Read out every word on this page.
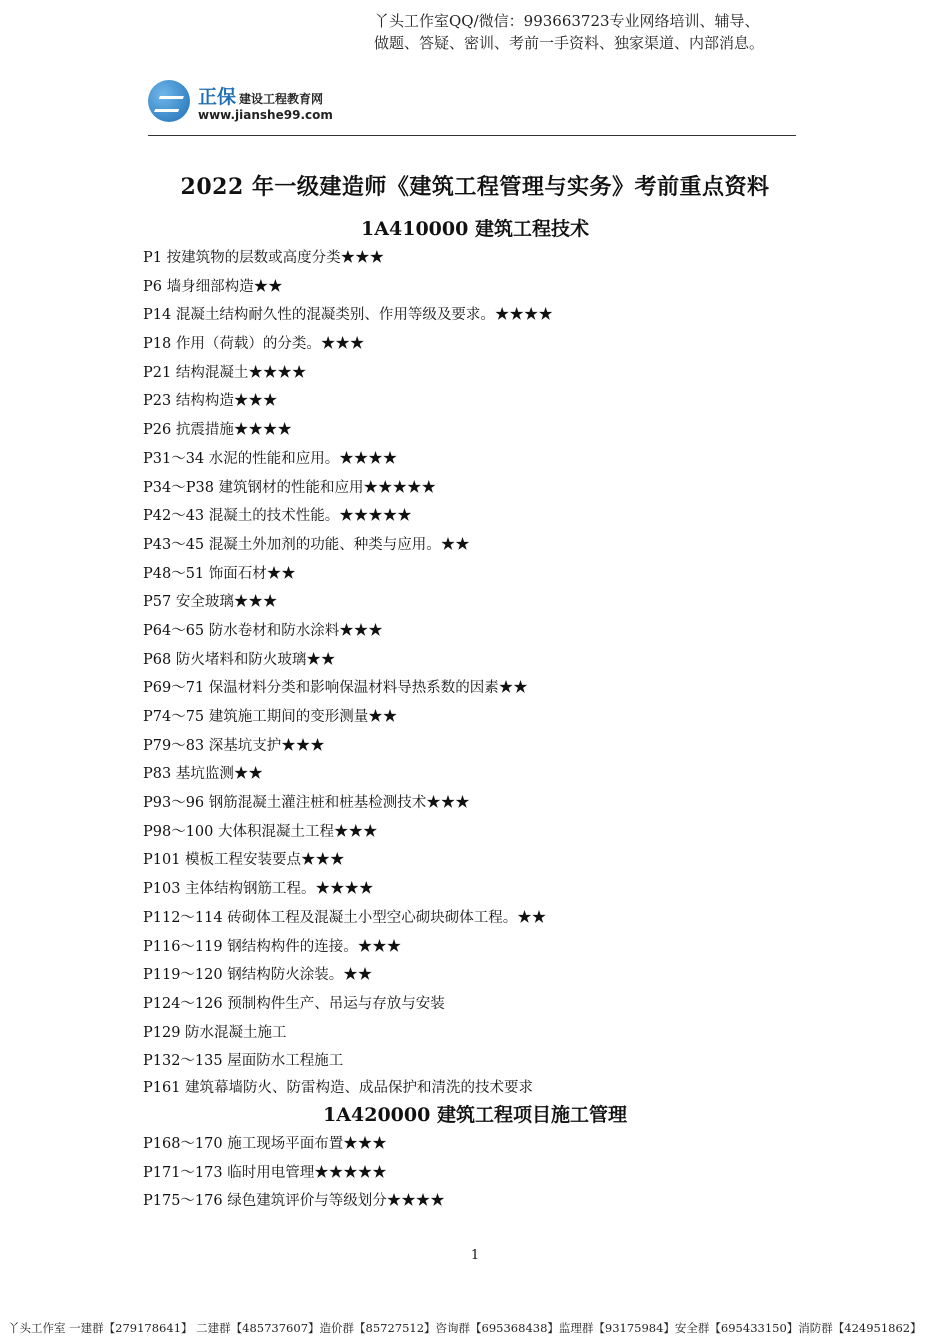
丫头工作室QQ/微信：993663723专业网络培训、辅导、
做题、答疑、密训、考前一手资料、独家渠道、内部消息。
正保 建设工程教育网
www.jianshe99.com
2022 年一级建造师《建筑工程管理与实务》考前重点资料
1A410000 建筑工程技术
P1 按建筑物的层数或高度分类★★★
P6 墙身细部构造★★
P14 混凝土结构耐久性的混凝类别、作用等级及要求。★★★★
P18 作用（荷载）的分类。★★★
P21 结构混凝土★★★★
P23 结构构造★★★
P26 抗震措施★★★★
P31～34 水泥的性能和应用。★★★★
P34～P38 建筑钢材的性能和应用★★★★★
P42～43 混凝土的技术性能。★★★★★
P43～45 混凝土外加剂的功能、种类与应用。★★
P48～51 饰面石材★★
P57 安全玻璃★★★
P64～65 防水卷材和防水涂料★★★
P68 防火堵料和防火玻璃★★
P69～71 保温材料分类和影响保温材料导热系数的因素★★
P74～75 建筑施工期间的变形测量★★
P79～83 深基坑支护★★★
P83 基坑监测★★
P93～96 钢筋混凝土灌注桩和桩基检测技术★★★
P98～100 大体积混凝土工程★★★
P101 模板工程安装要点★★★
P103 主体结构钢筋工程。★★★★
P112～114 砖砌体工程及混凝土小型空心砌块砌体工程。★★
P116～119 钢结构构件的连接。★★★
P119～120 钢结构防火涂装。★★
P124～126 预制构件生产、吊运与存放与安装
P129 防水混凝土施工
P132～135 屋面防水工程施工
P161 建筑幕墙防火、防雷构造、成品保护和清洗的技术要求
1A420000 建筑工程项目施工管理
P168～170 施工现场平面布置★★★
P171～173 临时用电管理★★★★★
P175～176 绿色建筑评价与等级划分★★★★
1
丫头工作室 一建群【279178641】 二建群【485737607】造价群【85727512】咨询群【695368438】监理群【93175984】安全群【695433150】消防群【424951862】
